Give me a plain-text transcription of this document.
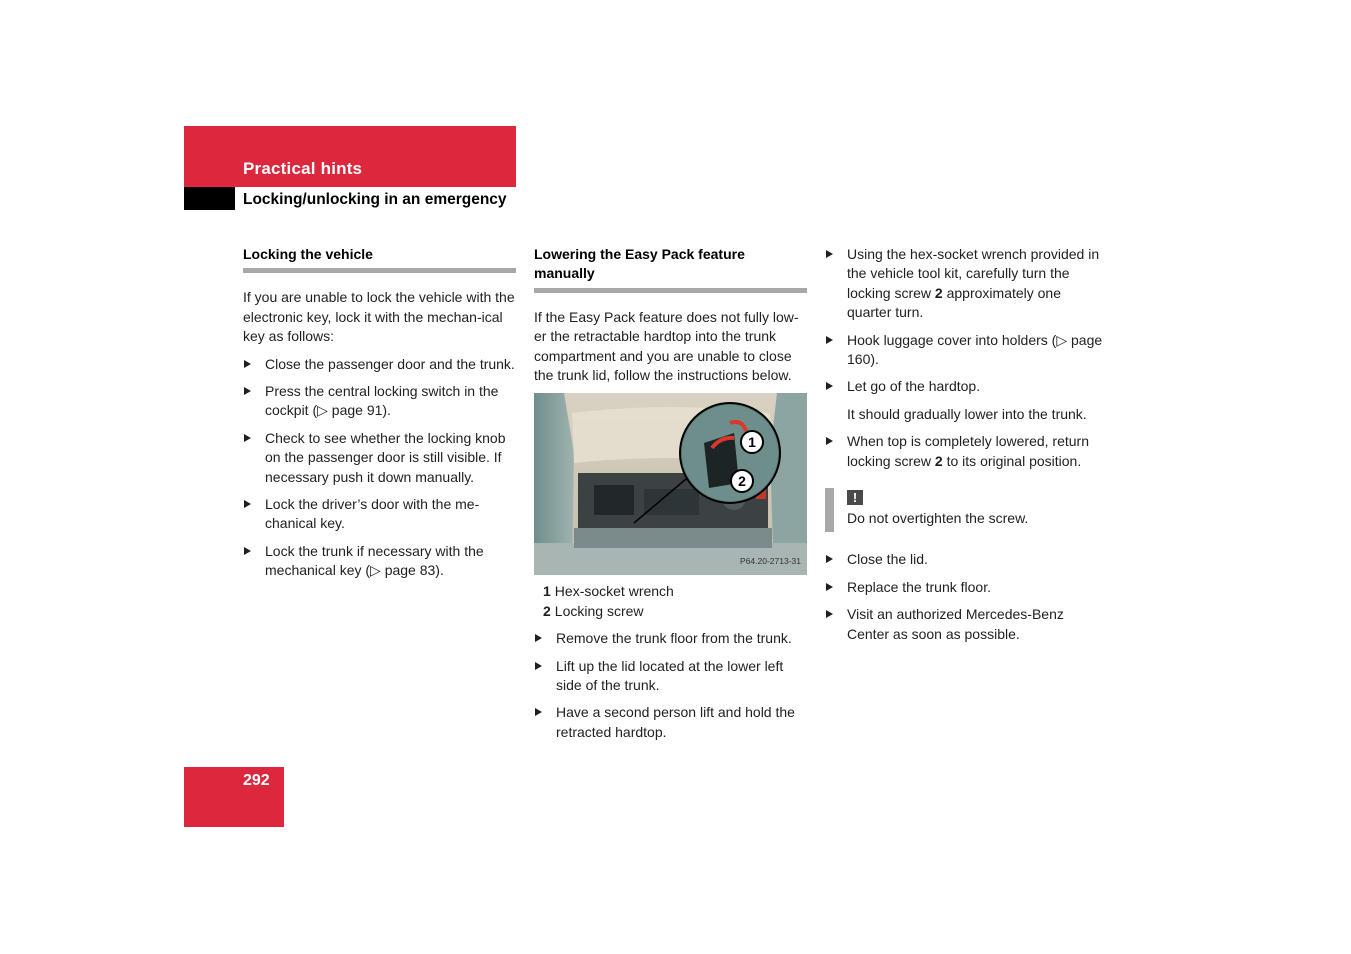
Practical hints
Locking/unlocking in an emergency
Locking the vehicle

If you are unable to lock the vehicle with the electronic key, lock it with the mechan-ical key as follows:

Close the passenger door and the trunk.
Press the central locking switch in the cockpit (▷ page 91).
Check to see whether the locking knob on the passenger door is still visible. If necessary push it down manually.
Lock the driver’s door with the me-chanical key.
Lock the trunk if necessary with the mechanical key (▷ page 83).
Lowering the Easy Pack feature manually

If the Easy Pack feature does not fully low-er the retractable hardtop into the trunk compartment and you are unable to close the trunk lid, follow the instructions below.

1
2
P64.20-2713-31
1 Hex-socket wrench
2 Locking screw
Remove the trunk floor from the trunk.
Lift up the lid located at the lower left side of the trunk.
Have a second person lift and hold the retracted hardtop.
Using the hex-socket wrench provided in the vehicle tool kit, carefully turn the locking screw 2 approximately one quarter turn.
Hook luggage cover into holders (▷ page 160).
Let go of the hardtop.

It should gradually lower into the trunk.

When top is completely lowered, return locking screw 2 to its original position.
!
Do not overtighten the screw.
Close the lid.
Replace the trunk floor.
Visit an authorized Mercedes-Benz Center as soon as possible.
292
